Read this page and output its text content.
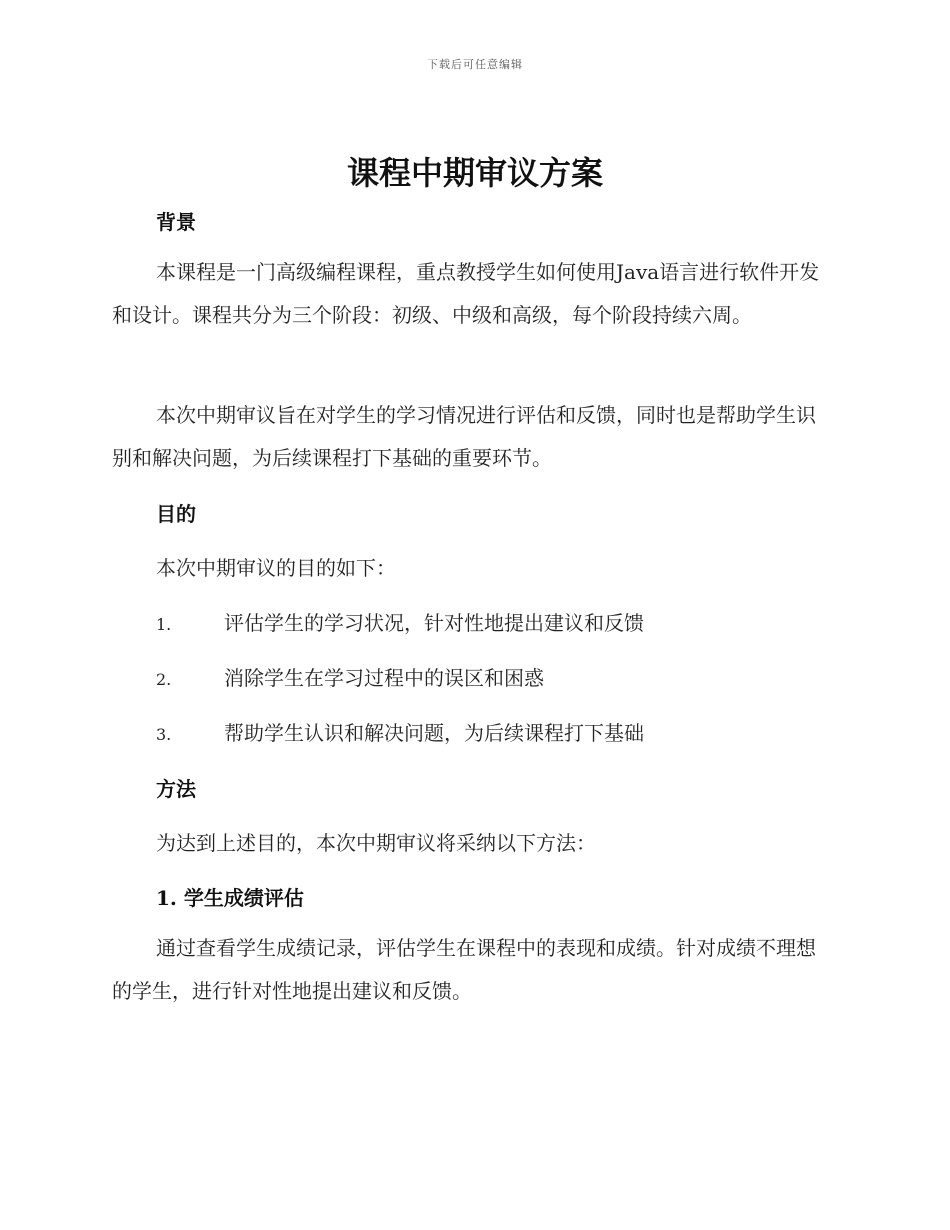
下载后可任意编辑
课程中期审议方案
背景

本课程是一门高级编程课程，重点教授学生如何使用Java语言进行软件开发和设计。课程共分为三个阶段：初级、中级和高级，每个阶段持续六周。

本次中期审议旨在对学生的学习情况进行评估和反馈，同时也是帮助学生识别和解决问题，为后续课程打下基础的重要环节。

目的
本次中期审议的目的如下：
1.	评估学生的学习状况，针对性地提出建议和反馈
2.	消除学生在学习过程中的误区和困惑
3.	帮助学生认识和解决问题，为后续课程打下基础
方法
为达到上述目的，本次中期审议将采纳以下方法：
1. 学生成绩评估

通过查看学生成绩记录，评估学生在课程中的表现和成绩。针对成绩不理想的学生，进行针对性地提出建议和反馈。
